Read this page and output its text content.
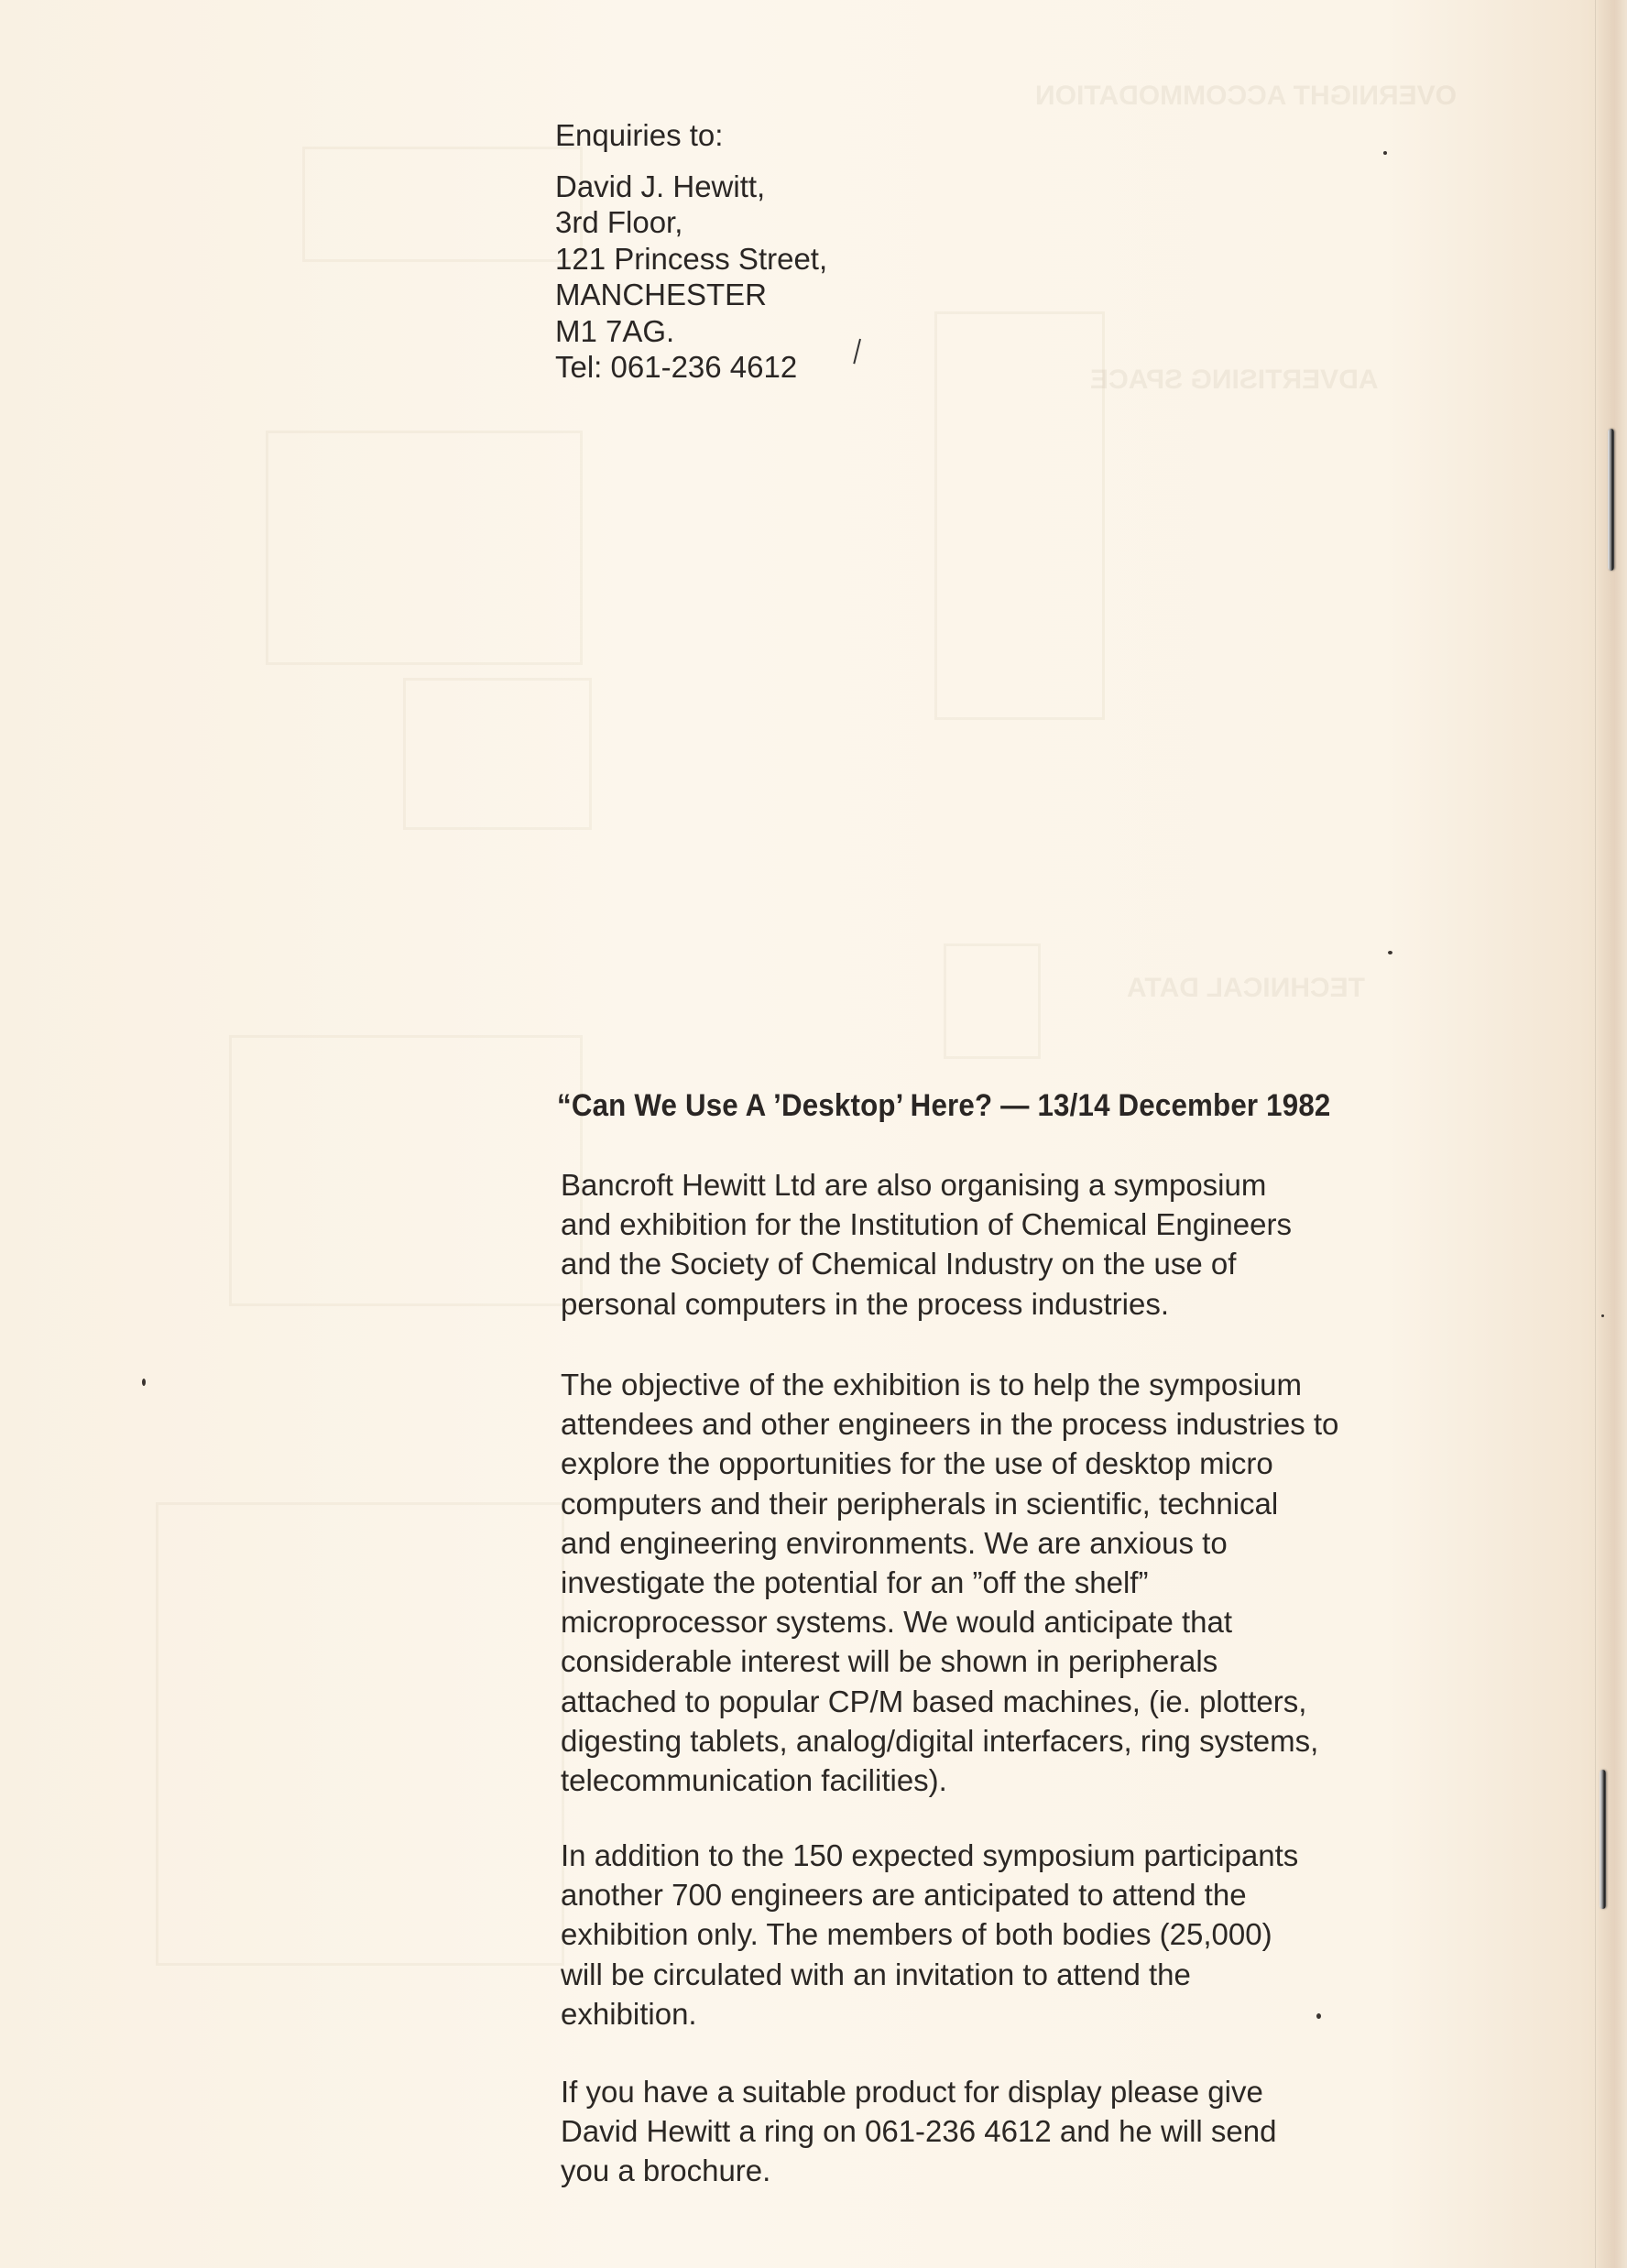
OVERNIGHT ACCOMMODATION
ADVERTISING SPACE
TECHNICAL DATA
Enquiries to:
David J. Hewitt,
3rd Floor,
121 Princess Street,
MANCHESTER
M1 7AG.
Tel: 061-236 4612
“Can We Use A ’Desktop’ Here? — 13/14 December 1982
Bancroft Hewitt Ltd are also organising a symposium
and exhibition for the Institution of Chemical Engineers
and the Society of Chemical Industry on the use of
personal computers in the process industries.
The objective of the exhibition is to help the symposium
attendees and other engineers in the process industries to
explore the opportunities for the use of desktop micro
computers and their peripherals in scientific, technical
and engineering environments. We are anxious to
investigate the potential for an ”off the shelf”
microprocessor systems. We would anticipate that
considerable interest will be shown in peripherals
attached to popular CP/M based machines, (ie. plotters,
digesting tablets, analog/digital interfacers, ring systems,
telecommunication facilities).
In addition to the 150 expected symposium participants
another 700 engineers are anticipated to attend the
exhibition only. The members of both bodies (25,000)
will be circulated with an invitation to attend the
exhibition.
If you have a suitable product for display please give
David Hewitt a ring on 061-236 4612 and he will send
you a brochure.
